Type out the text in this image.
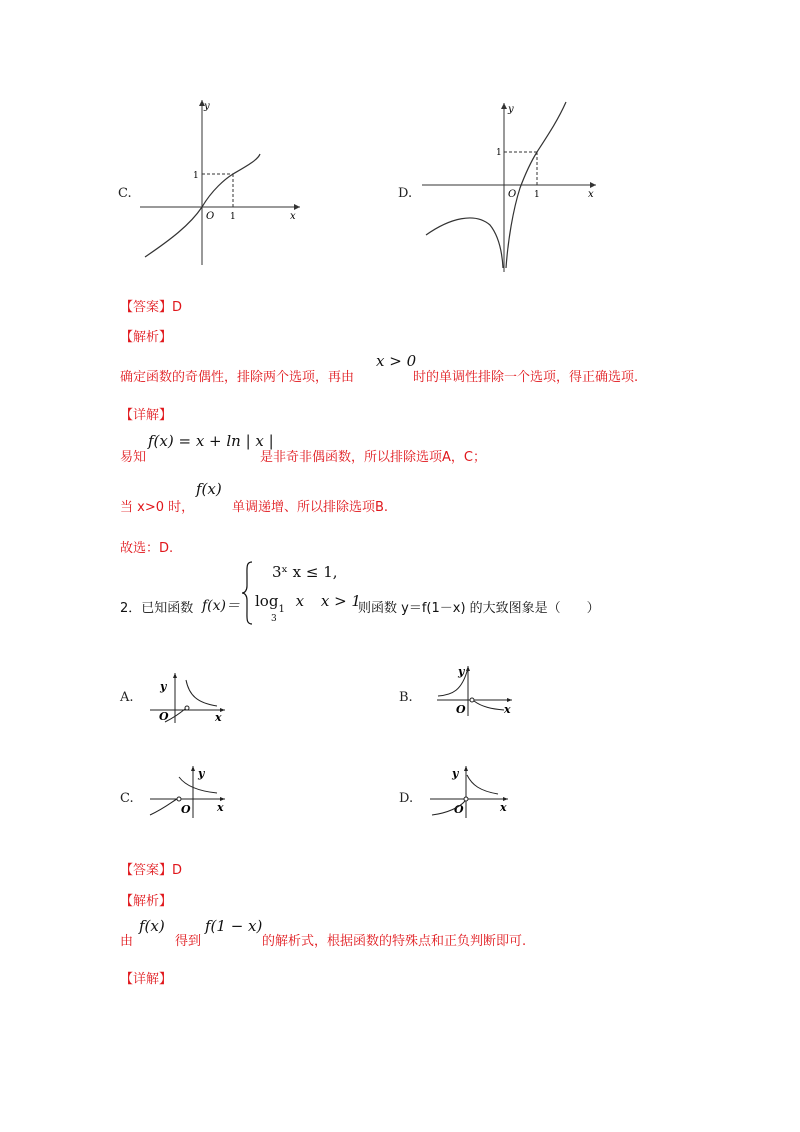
C.
y
x
O
1
1
D.
y
x
O
1
1
【答案】D
【解析】
确定函数的奇偶性，排除两个选项，再由
x > 0
时的单调性排除一个选项，得正确选项.
【详解】
易知
f(x) = x + ln | x |
是非奇非偶函数，所以排除选项A，C；
当 x>0 时，
f(x)
单调递增、所以排除选项B.
故选：D.
2．已知函数 f(x)＝
3ˣ x ≤ 1,
$\log_1 x$ x > 1
3
则函数 y＝f(1－x) 的大致图象是（　　）
A.
y
x
O
B.
y
x
O
C.
y
x
O
D.
y
x
O
【答案】D
【解析】
由
f(x)
得到
f(1 − x)
的解析式，根据函数的特殊点和正负判断即可.
【详解】
